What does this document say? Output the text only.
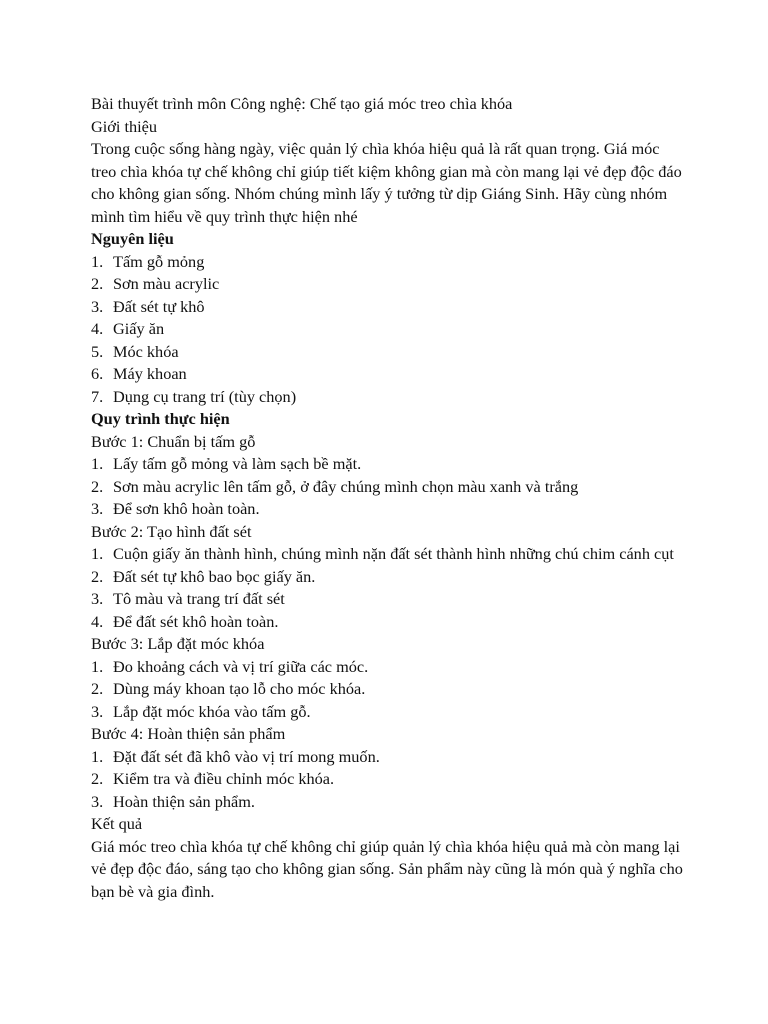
Bài thuyết trình môn Công nghệ: Chế tạo giá móc treo chìa khóa

Giới thiệu

Trong cuộc sống hàng ngày, việc quản lý chìa khóa hiệu quả là rất quan trọng. Giá móc treo chìa khóa tự chế không chỉ giúp tiết kiệm không gian mà còn mang lại vẻ đẹp độc đáo cho không gian sống. Nhóm chúng mình lấy ý tưởng từ dịp Giáng Sinh. Hãy cùng nhóm mình tìm hiểu về quy trình thực hiện nhé

Nguyên liệu

1. Tấm gỗ mỏng
2. Sơn màu acrylic
3. Đất sét tự khô
4. Giấy ăn
5. Móc khóa
6. Máy khoan
7. Dụng cụ trang trí (tùy chọn)

Quy trình thực hiện

Bước 1: Chuẩn bị tấm gỗ

1. Lấy tấm gỗ mỏng và làm sạch bề mặt.
2. Sơn màu acrylic lên tấm gỗ, ở đây chúng mình chọn màu xanh và trắng
3. Để sơn khô hoàn toàn.

Bước 2: Tạo hình đất sét

1. Cuộn giấy ăn thành hình, chúng mình nặn đất sét thành hình những chú chim cánh cụt
2. Đất sét tự khô bao bọc giấy ăn.
3. Tô màu và trang trí đất sét
4. Để đất sét khô hoàn toàn.

Bước 3: Lắp đặt móc khóa

1. Đo khoảng cách và vị trí giữa các móc.
2. Dùng máy khoan tạo lỗ cho móc khóa.
3. Lắp đặt móc khóa vào tấm gỗ.

Bước 4: Hoàn thiện sản phẩm

1. Đặt đất sét đã khô vào vị trí mong muốn.
2. Kiểm tra và điều chỉnh móc khóa.
3. Hoàn thiện sản phẩm.

Kết quả

Giá móc treo chìa khóa tự chế không chỉ giúp quản lý chìa khóa hiệu quả mà còn mang lại vẻ đẹp độc đáo, sáng tạo cho không gian sống. Sản phẩm này cũng là món quà ý nghĩa cho bạn bè và gia đình.
